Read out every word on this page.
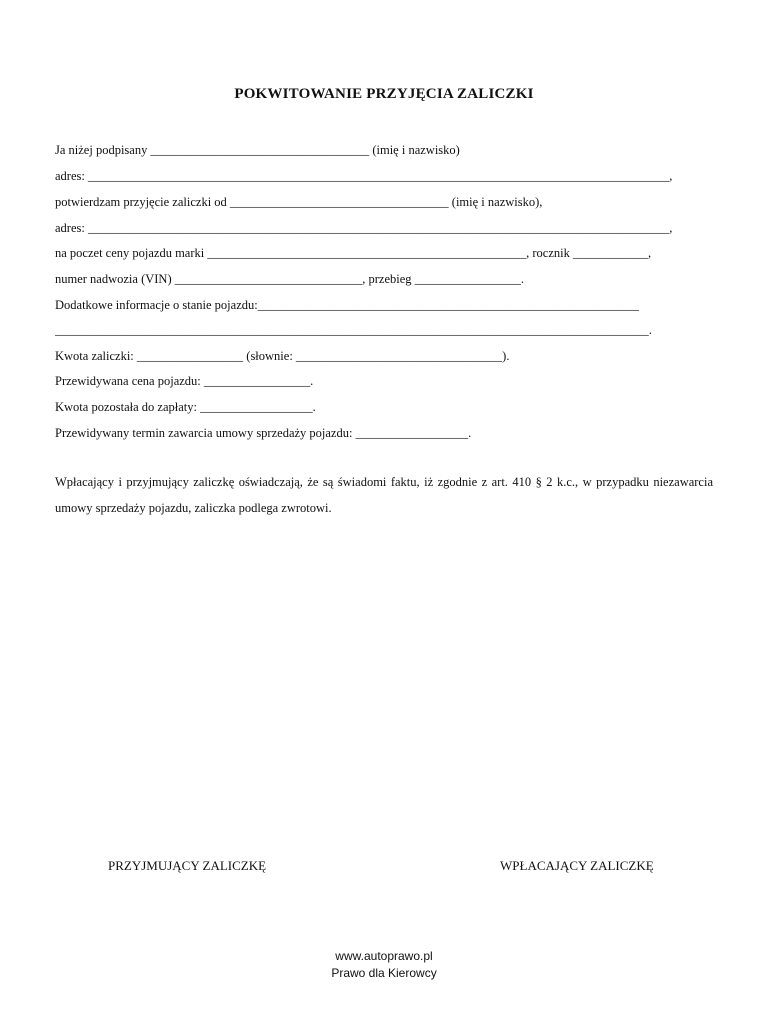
POKWITOWANIE PRZYJĘCIA ZALICZKI
Ja niżej podpisany ___________________________________ (imię i nazwisko)
adres: _____________________________________________________________________________________________,
potwierdzam przyjęcie zaliczki od ___________________________________ (imię i nazwisko),
adres: _____________________________________________________________________________________________,
na poczet ceny pojazdu marki ___________________________________________________, rocznik ____________,
numer nadwozia (VIN) ______________________________, przebieg _________________.
Dodatkowe informacje o stanie pojazdu:_____________________________________________________________
_______________________________________________________________________________________________.
Kwota zaliczki: _________________ (słownie: _________________________________).
Przewidywana cena pojazdu: _________________.
Kwota pozostała do zapłaty: __________________.
Przewidywany termin zawarcia umowy sprzedaży pojazdu: __________________.
Wpłacający i przyjmujący zaliczkę oświadczają, że są świadomi faktu, iż zgodnie z art. 410 § 2 k.c., w przypadku niezawarcia umowy sprzedaży pojazdu, zaliczka podlega zwrotowi.
PRZYJMUJĄCY ZALICZKĘ	WPŁACAJĄCY ZALICZKĘ
www.autoprawo.pl
Prawo dla Kierowcy
